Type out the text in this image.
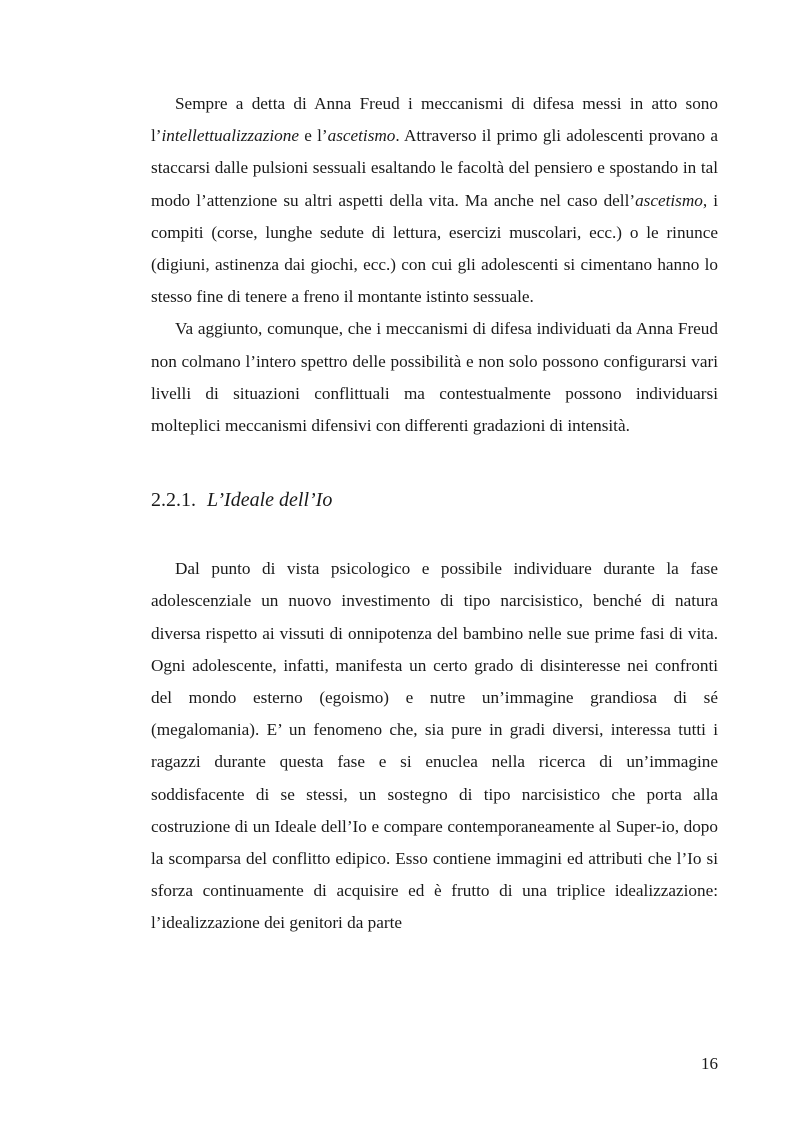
Sempre a detta di Anna Freud i meccanismi di difesa messi in atto sono l’intellettualizzazione e l’ascetismo. Attraverso il primo gli adolescenti provano a staccarsi dalle pulsioni sessuali esaltando le facoltà del pensiero e spostando in tal modo l’attenzione su altri aspetti della vita. Ma anche nel caso dell’ascetismo, i compiti (corse, lunghe sedute di lettura, esercizi muscolari, ecc.) o le rinunce (digiuni, astinenza dai giochi, ecc.) con cui gli adolescenti si cimentano hanno lo stesso fine di tenere a freno il montante istinto sessuale.

Va aggiunto, comunque, che i meccanismi di difesa individuati da Anna Freud non colmano l’intero spettro delle possibilità e non solo possono configurarsi vari livelli di situazioni conflittuali ma contestualmente possono individuarsi molteplici meccanismi difensivi con differenti gradazioni di intensità.

2.2.1. L’Ideale dell’Io

Dal punto di vista psicologico e possibile individuare durante la fase adolescenziale un nuovo investimento di tipo narcisistico, benché di natura diversa rispetto ai vissuti di onnipotenza del bambino nelle sue prime fasi di vita. Ogni adolescente, infatti, manifesta un certo grado di disinteresse nei confronti del mondo esterno (egoismo) e nutre un’immagine grandiosa di sé (megalomania). E’ un fenomeno che, sia pure in gradi diversi, interessa tutti i ragazzi durante questa fase e si enuclea nella ricerca di un’immagine soddisfacente di se stessi, un sostegno di tipo narcisistico che porta alla costruzione di un Ideale dell’Io e compare contemporaneamente al Super-io, dopo la scomparsa del conflitto edipico. Esso contiene immagini ed attributi che l’Io si sforza continuamente di acquisire ed è frutto di una triplice idealizzazione: l’idealizzazione dei genitori da parte

16
